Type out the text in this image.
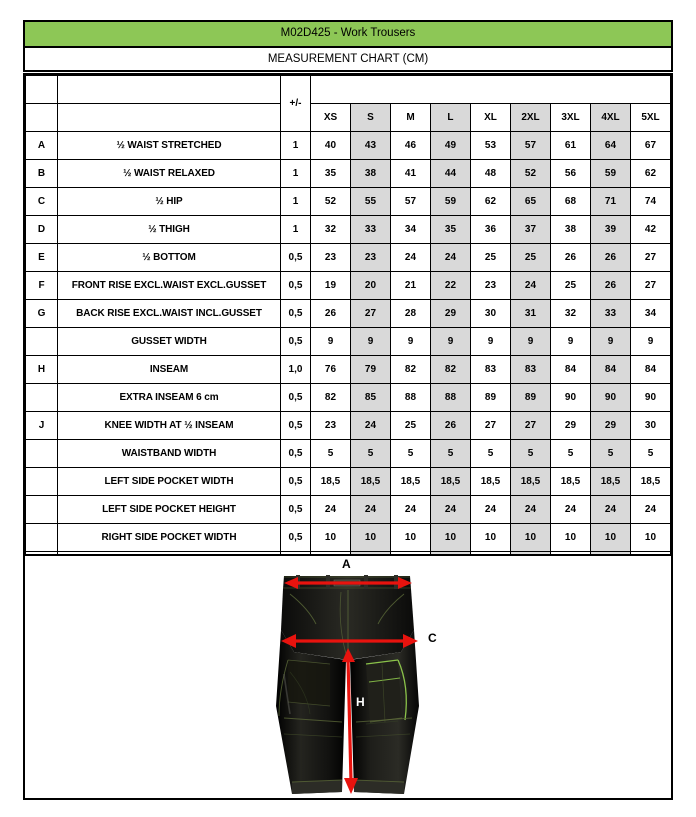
M02D425 - Work Trousers
MEASUREMENT CHART (CM)
		+/-									
			XS	S	M	L	XL	2XL	3XL	4XL	5XL
A	½ WAIST STRETCHED	1	40	43	46	49	53	57	61	64	67
B	½ WAIST RELAXED	1	35	38	41	44	48	52	56	59	62
C	½ HIP	1	52	55	57	59	62	65	68	71	74
D	½ THIGH	1	32	33	34	35	36	37	38	39	42
E	½ BOTTOM	0,5	23	23	24	24	25	25	26	26	27
F	FRONT RISE EXCL.WAIST EXCL.GUSSET	0,5	19	20	21	22	23	24	25	26	27
G	BACK RISE EXCL.WAIST INCL.GUSSET	0,5	26	27	28	29	30	31	32	33	34
	GUSSET WIDTH	0,5	9	9	9	9	9	9	9	9	9
H	INSEAM	1,0	76	79	82	82	83	83	84	84	84
	EXTRA INSEAM 6 cm	0,5	82	85	88	88	89	89	90	90	90
J	KNEE WIDTH AT ½ INSEAM	0,5	23	24	25	26	27	27	29	29	30
	WAISTBAND WIDTH	0,5	5	5	5	5	5	5	5	5	5
	LEFT SIDE POCKET WIDTH	0,5	18,5	18,5	18,5	18,5	18,5	18,5	18,5	18,5	18,5
	LEFT SIDE POCKET HEIGHT	0,5	24	24	24	24	24	24	24	24	24
	RIGHT SIDE POCKET WIDTH	0,5	10	10	10	10	10	10	10	10	10

A
C
H
